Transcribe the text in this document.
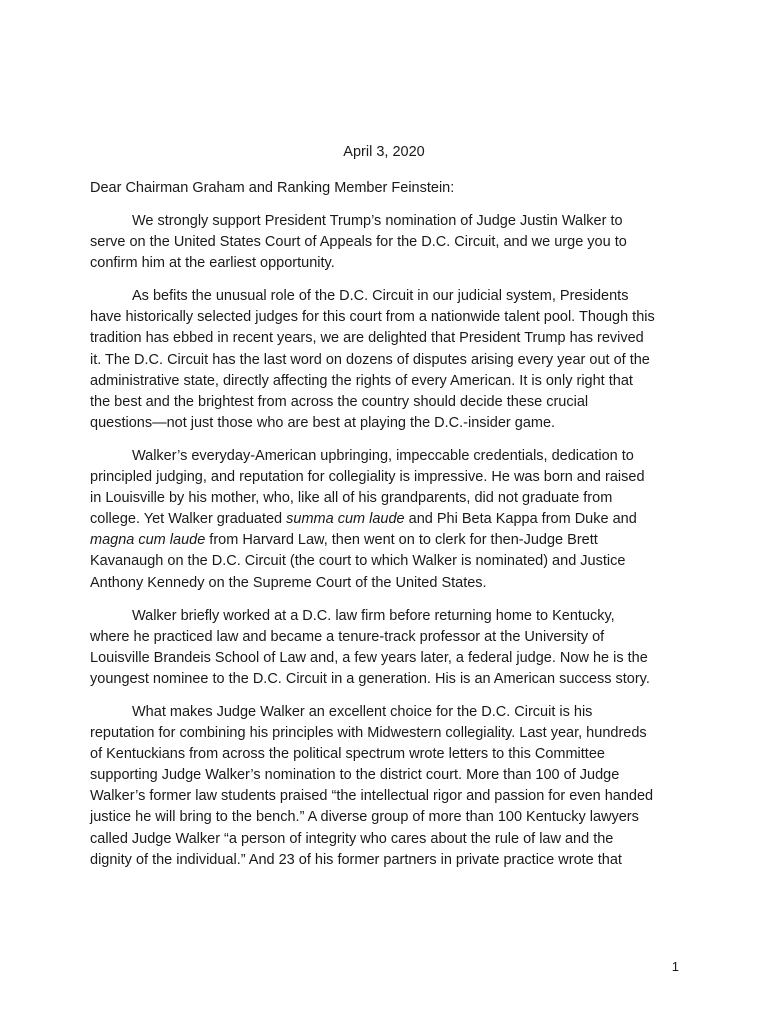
April 3, 2020
Dear Chairman Graham and Ranking Member Feinstein:
We strongly support President Trump’s nomination of Judge Justin Walker to
serve on the United States Court of Appeals for the D.C. Circuit, and we urge you to
confirm him at the earliest opportunity.
As befits the unusual role of the D.C. Circuit in our judicial system, Presidents
have historically selected judges for this court from a nationwide talent pool. Though this
tradition has ebbed in recent years, we are delighted that President Trump has revived
it. The D.C. Circuit has the last word on dozens of disputes arising every year out of the
administrative state, directly affecting the rights of every American. It is only right that
the best and the brightest from across the country should decide these crucial
questions—not just those who are best at playing the D.C.-insider game.
Walker’s everyday-American upbringing, impeccable credentials, dedication to
principled judging, and reputation for collegiality is impressive. He was born and raised
in Louisville by his mother, who, like all of his grandparents, did not graduate from
college. Yet Walker graduated summa cum laude and Phi Beta Kappa from Duke and
magna cum laude from Harvard Law, then went on to clerk for then-Judge Brett
Kavanaugh on the D.C. Circuit (the court to which Walker is nominated) and Justice
Anthony Kennedy on the Supreme Court of the United States.
Walker briefly worked at a D.C. law firm before returning home to Kentucky,
where he practiced law and became a tenure-track professor at the University of
Louisville Brandeis School of Law and, a few years later, a federal judge. Now he is the
youngest nominee to the D.C. Circuit in a generation. His is an American success story.
What makes Judge Walker an excellent choice for the D.C. Circuit is his
reputation for combining his principles with Midwestern collegiality. Last year, hundreds
of Kentuckians from across the political spectrum wrote letters to this Committee
supporting Judge Walker’s nomination to the district court. More than 100 of Judge
Walker’s former law students praised “the intellectual rigor and passion for even handed
justice he will bring to the bench.” A diverse group of more than 100 Kentucky lawyers
called Judge Walker “a person of integrity who cares about the rule of law and the
dignity of the individual.” And 23 of his former partners in private practice wrote that
1
